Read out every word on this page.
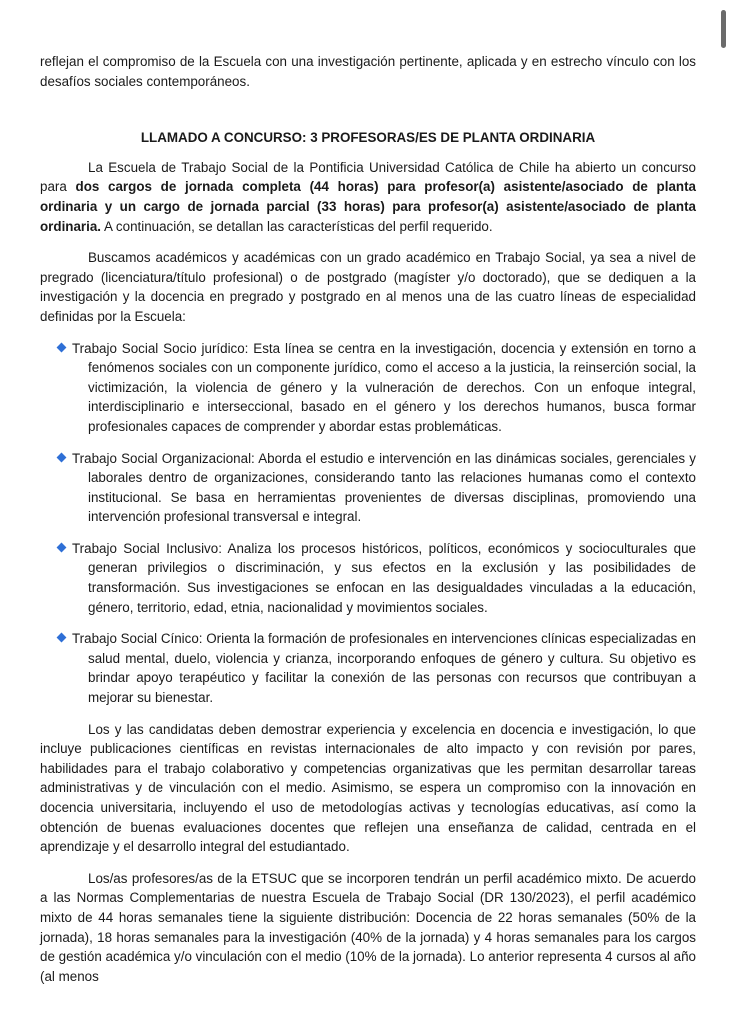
reflejan el compromiso de la Escuela con una investigación pertinente, aplicada y en estrecho vínculo con los desafíos sociales contemporáneos.

LLAMADO A CONCURSO: 3 PROFESORAS/ES DE PLANTA ORDINARIA

La Escuela de Trabajo Social de la Pontificia Universidad Católica de Chile ha abierto un concurso para dos cargos de jornada completa (44 horas) para profesor(a) asistente/asociado de planta ordinaria y un cargo de jornada parcial (33 horas) para profesor(a) asistente/asociado de planta ordinaria. A continuación, se detallan las características del perfil requerido.

Buscamos académicos y académicas con un grado académico en Trabajo Social, ya sea a nivel de pregrado (licenciatura/título profesional) o de postgrado (magíster y/o doctorado), que se dediquen a la investigación y la docencia en pregrado y postgrado en al menos una de las cuatro líneas de especialidad definidas por la Escuela:

Trabajo Social Socio jurídico: Esta línea se centra en la investigación, docencia y extensión en torno a fenómenos sociales con un componente jurídico, como el acceso a la justicia, la reinserción social, la victimización, la violencia de género y la vulneración de derechos. Con un enfoque integral, interdisciplinario e interseccional, basado en el género y los derechos humanos, busca formar profesionales capaces de comprender y abordar estas problemáticas.

Trabajo Social Organizacional: Aborda el estudio e intervención en las dinámicas sociales, gerenciales y laborales dentro de organizaciones, considerando tanto las relaciones humanas como el contexto institucional. Se basa en herramientas provenientes de diversas disciplinas, promoviendo una intervención profesional transversal e integral.

Trabajo Social Inclusivo: Analiza los procesos históricos, políticos, económicos y socioculturales que generan privilegios o discriminación, y sus efectos en la exclusión y las posibilidades de transformación. Sus investigaciones se enfocan en las desigualdades vinculadas a la educación, género, territorio, edad, etnia, nacionalidad y movimientos sociales.

Trabajo Social Cínico: Orienta la formación de profesionales en intervenciones clínicas especializadas en salud mental, duelo, violencia y crianza, incorporando enfoques de género y cultura. Su objetivo es brindar apoyo terapéutico y facilitar la conexión de las personas con recursos que contribuyan a mejorar su bienestar.

Los y las candidatas deben demostrar experiencia y excelencia en docencia e investigación, lo que incluye publicaciones científicas en revistas internacionales de alto impacto y con revisión por pares, habilidades para el trabajo colaborativo y competencias organizativas que les permitan desarrollar tareas administrativas y de vinculación con el medio. Asimismo, se espera un compromiso con la innovación en docencia universitaria, incluyendo el uso de metodologías activas y tecnologías educativas, así como la obtención de buenas evaluaciones docentes que reflejen una enseñanza de calidad, centrada en el aprendizaje y el desarrollo integral del estudiantado.

Los/as profesores/as de la ETSUC que se incorporen tendrán un perfil académico mixto. De acuerdo a las Normas Complementarias de nuestra Escuela de Trabajo Social (DR 130/2023), el perfil académico mixto de 44 horas semanales tiene la siguiente distribución: Docencia de 22 horas semanales (50% de la jornada), 18 horas semanales para la investigación (40% de la jornada) y 4 horas semanales para los cargos de gestión académica y/o vinculación con el medio (10% de la jornada). Lo anterior representa 4 cursos al año (al menos
